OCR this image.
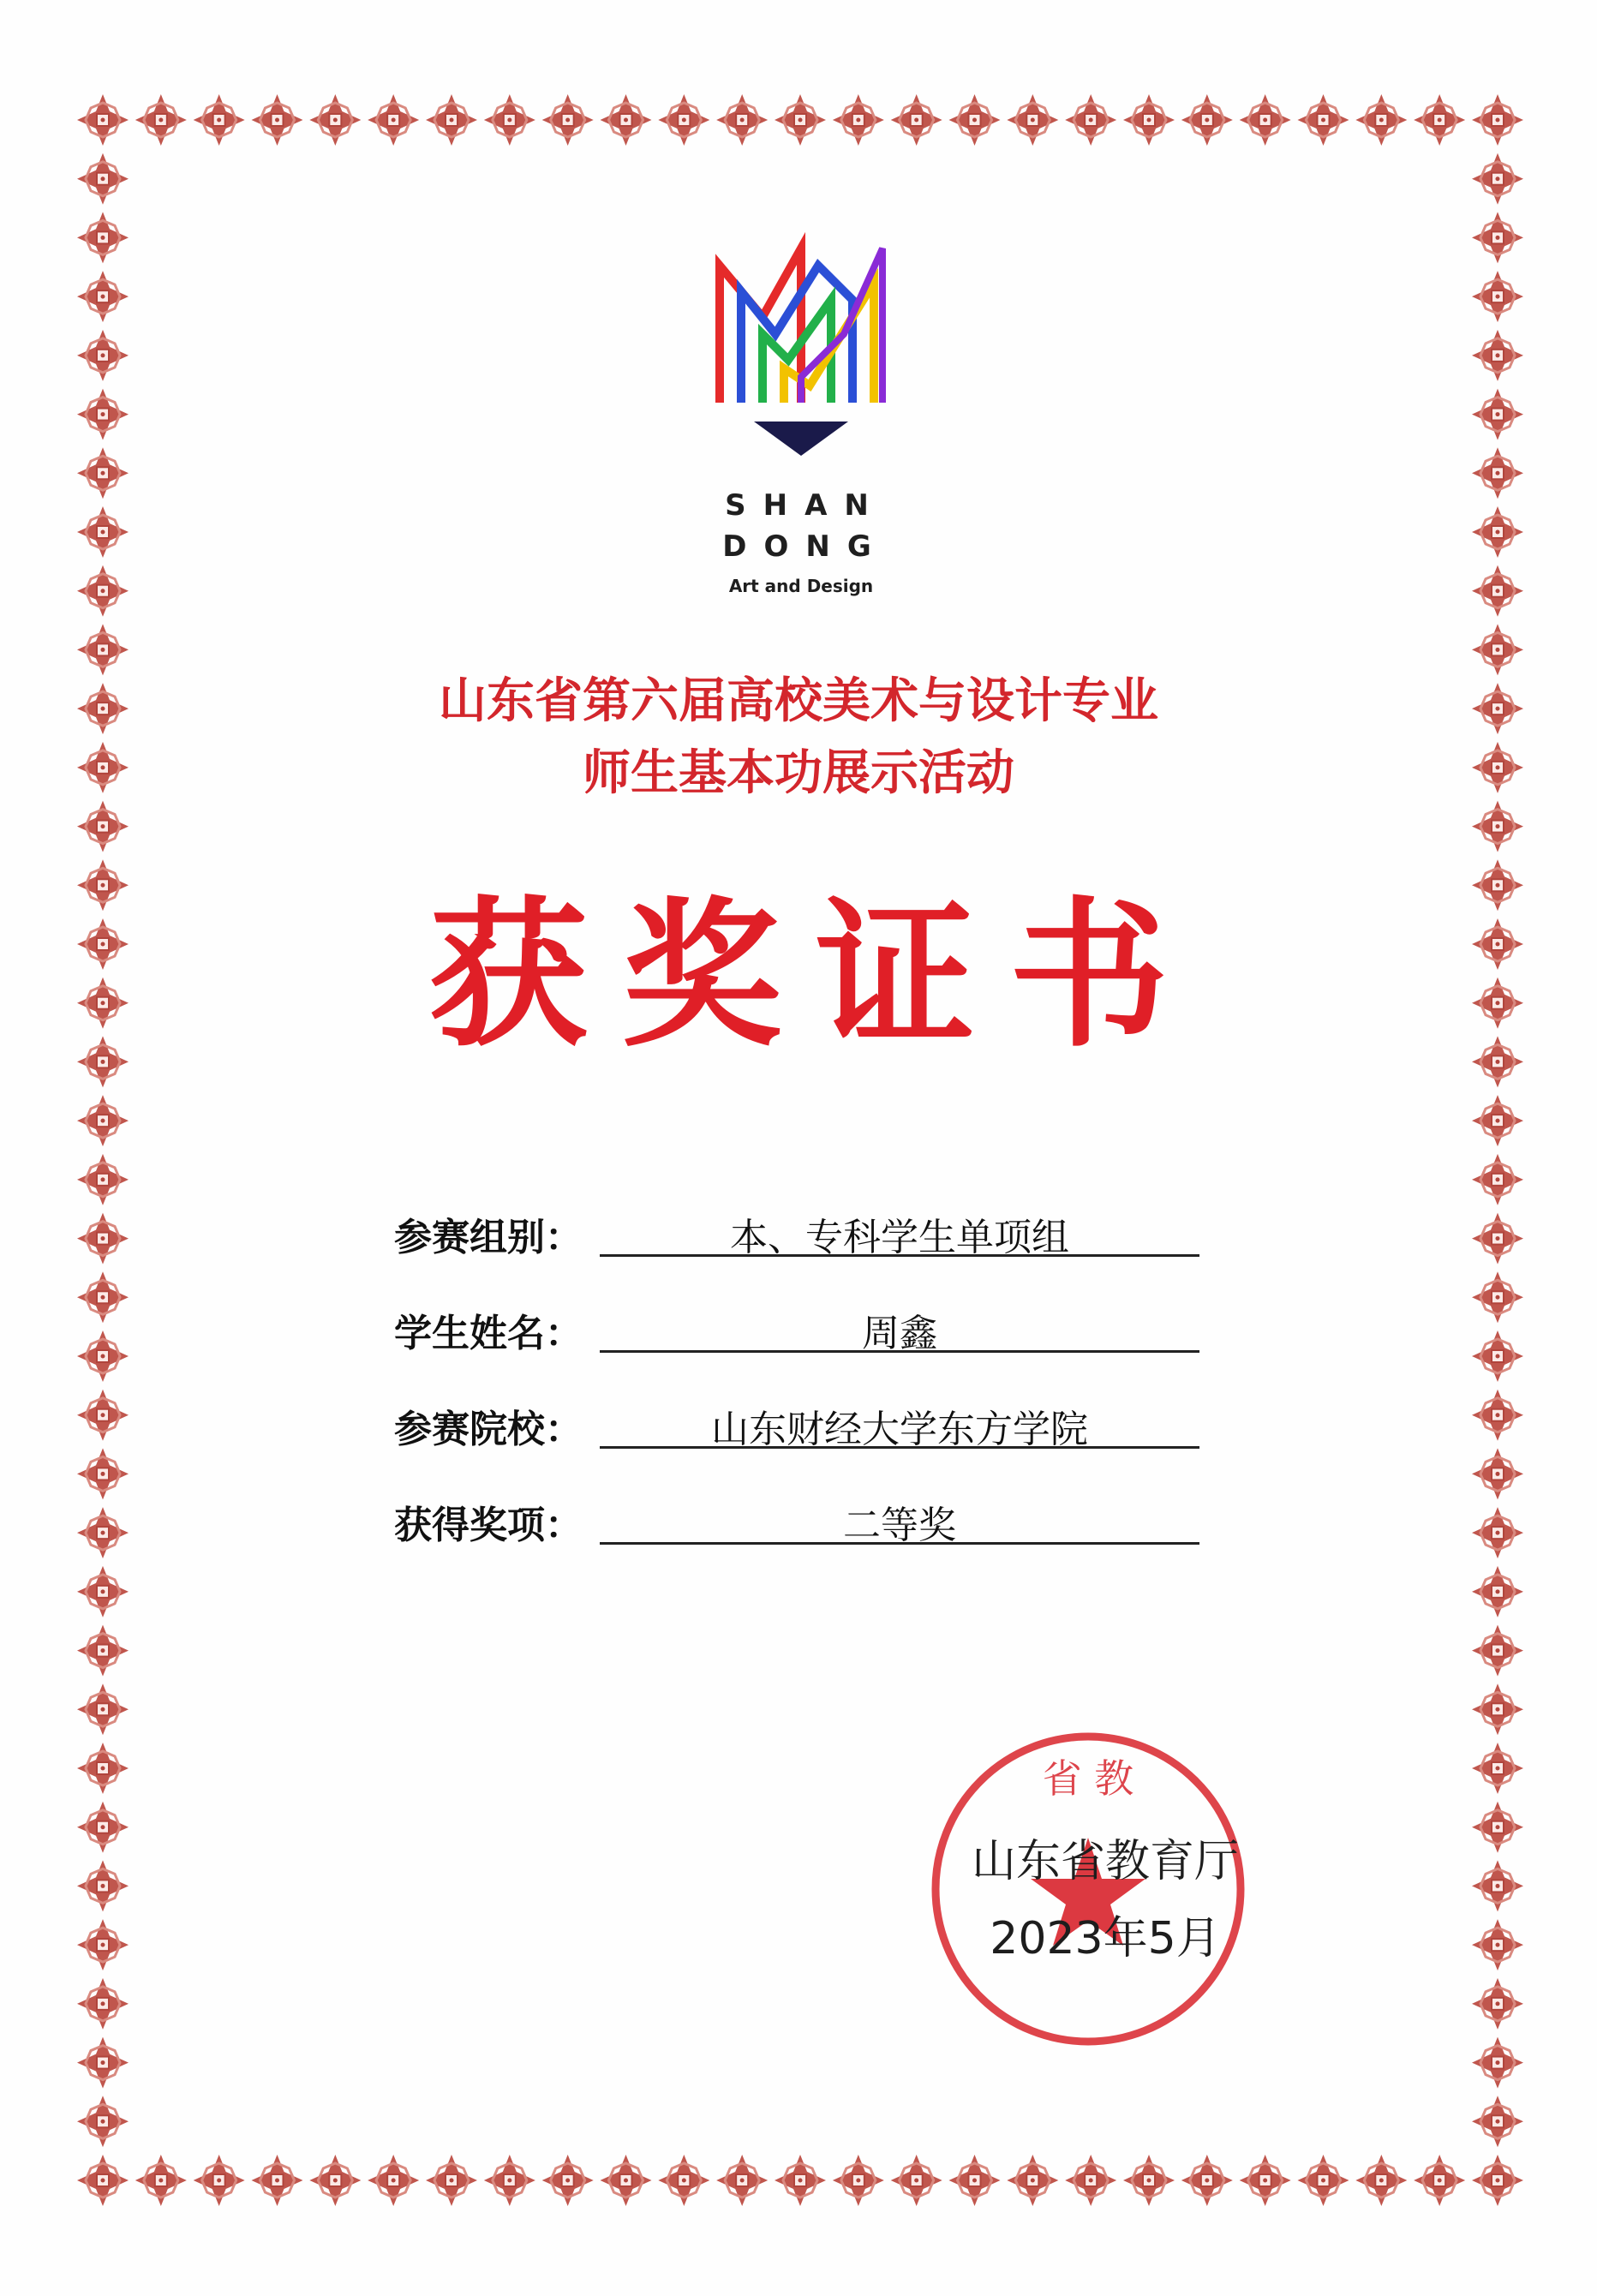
SHAN
DONG
Art and Design
山东省第六届高校美术与设计专业
师生基本功展示活动
获奖证书
参赛组别：	本、专科学生单项组
学生姓名：	周鑫
参赛院校：	山东财经大学东方学院
获得奖项：	二等奖
省 教
山东省教育厅
2023年5月
